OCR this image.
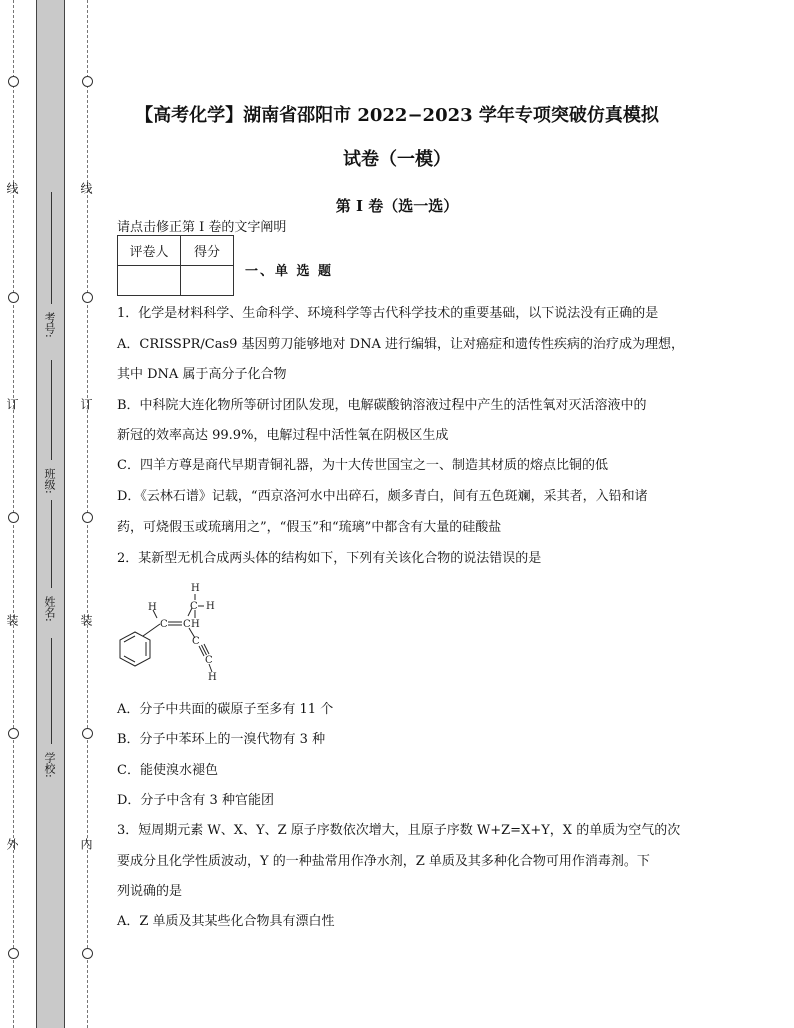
线
订
装
外
线
订
装
内
考号:
班级:
姓名:
学校:
【高考化学】湖南省邵阳市 2022−2023 学年专项突破仿真模拟
试卷（一模）
第 I 卷（选一选）
请点击修正第 I 卷的文字阐明
评卷人	得分

一、单 选 题
1．化学是材料科学、生命科学、环境科学等古代科学技术的重要基础，以下说法没有正确的是
A．CRISSPR/Cas9 基因剪刀能够地对 DNA 进行编辑，让对癌症和遗传性疾病的治疗成为理想，
其中 DNA 属于高分子化合物
B．中科院大连化物所等研讨团队发现，电解碳酸钠溶液过程中产生的活性氧对灭活溶液中的
新冠的效率高达 99.9%，电解过程中活性氧在阴极区生成
C．四羊方尊是商代早期青铜礼器，为十大传世国宝之一、制造其材质的熔点比铜的低
D．《云林石谱》记载，“西京洛河水中出碎石，颇多青白，间有五色斑斓，采其者，入铅和诸
药，可烧假玉或琉璃用之”，“假玉”和“琉璃”中都含有大量的硅酸盐
2．某新型无机合成两头体的结构如下，下列有关该化合物的说法错误的是
H
C C
H
C H
H
C
C
H
A．分子中共面的碳原子至多有 11 个
B．分子中苯环上的一溴代物有 3 种
C．能使溴水褪色
D．分子中含有 3 种官能团
3．短周期元素 W、X、Y、Z 原子序数依次增大，且原子序数 W+Z=X+Y，X 的单质为空气的次
要成分且化学性质波动，Y 的一种盐常用作净水剂，Z 单质及其多种化合物可用作消毒剂。下
列说确的是
A．Z 单质及其某些化合物具有漂白性
